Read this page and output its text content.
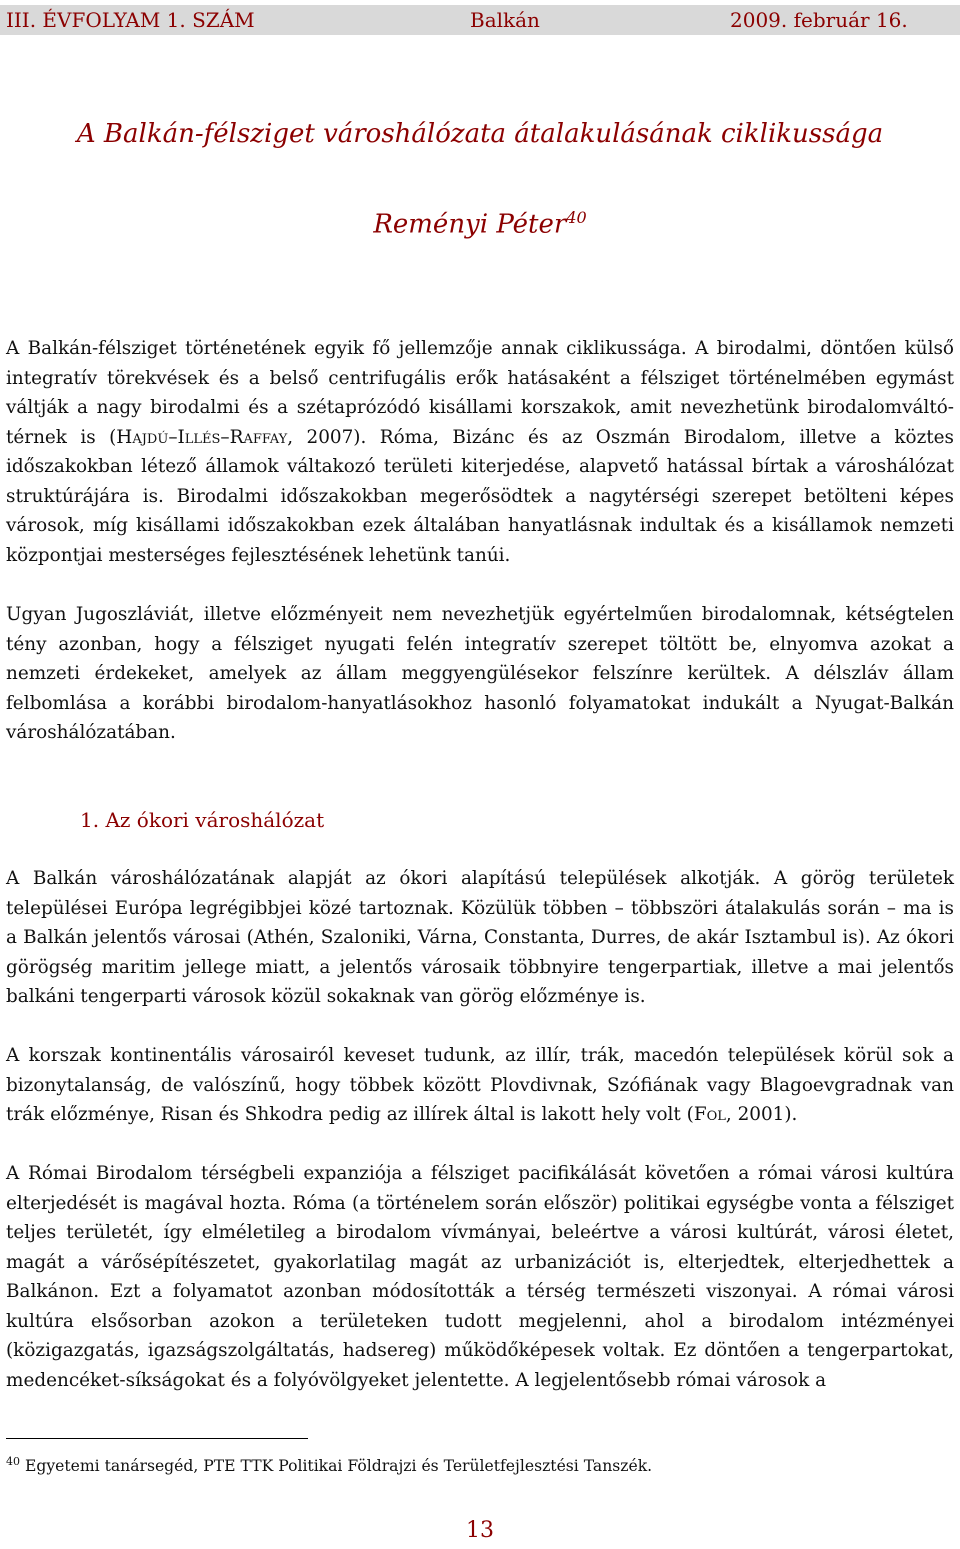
III. ÉVFOLYAM 1. SZÁM	Balkán	2009. február 16.
A Balkán-félsziget városhálózata átalakulásának ciklikussága
Reményi Péter$^{40}$

A Balkán-félsziget történetének egyik fő jellemzője annak ciklikussága. A birodalmi, döntően külső integratív törekvések és a belső centrifugális erők hatásaként a félsziget történelmében egymást váltják a nagy birodalmi és a szétaprózódó kisállami korszakok, amit nevezhetünk birodalomváltó-térnek is (Hajdú–Illés–Raffay, 2007). Róma, Bizánc és az Oszmán Birodalom, illetve a köztes időszakokban létező államok váltakozó területi kiterjedése, alapvető hatással bírtak a városhálózat struktúrájára is. Birodalmi időszakokban megerősödtek a nagytérségi szerepet betölteni képes városok, míg kisállami időszakokban ezek általában hanyatlásnak indultak és a kisállamok nemzeti központjai mesterséges fejlesztésének lehetünk tanúi.

Ugyan Jugoszláviát, illetve előzményeit nem nevezhetjük egyértelműen birodalomnak, kétségtelen tény azonban, hogy a félsziget nyugati felén integratív szerepet töltött be, elnyomva azokat a nemzeti érdekeket, amelyek az állam meggyengülésekor felszínre kerültek. A délszláv állam felbomlása a korábbi birodalom-hanyatlásokhoz hasonló folyamatokat indukált a Nyugat-Balkán városhálózatában.

1. Az ókori városhálózat

A Balkán városhálózatának alapját az ókori alapítású települések alkotják. A görög területek települései Európa legrégibbjei közé tartoznak. Közülük többen – többszöri átalakulás során – ma is a Balkán jelentős városai (Athén, Szaloniki, Várna, Constanta, Durres, de akár Isztambul is). Az ókori görögség maritim jellege miatt, a jelentős városaik többnyire tengerpartiak, illetve a mai jelentős balkáni tengerparti városok közül sokaknak van görög előzménye is.

A korszak kontinentális városairól keveset tudunk, az illír, trák, macedón települések körül sok a bizonytalanság, de valószínű, hogy többek között Plovdivnak, Szófiának vagy Blagoevgradnak van trák előzménye, Risan és Shkodra pedig az illírek által is lakott hely volt (Fol, 2001).

A Római Birodalom térségbeli expanziója a félsziget pacifikálását követően a római városi kultúra elterjedését is magával hozta. Róma (a történelem során először) politikai egységbe vonta a félsziget teljes területét, így elméletileg a birodalom vívmányai, beleértve a városi kultúrát, városi életet, magát a várősépítészetet, gyakorlatilag magát az urbanizációt is, elterjedtek, elterjedhettek a Balkánon. Ezt a folyamatot azonban módosították a térség természeti viszonyai. A római városi kultúra elsősorban azokon a területeken tudott megjelenni, ahol a birodalom intézményei (közigazgatás, igazságszolgáltatás, hadsereg) működőképesek voltak. Ez döntően a tengerpartokat, medencéket-síkságokat és a folyóvölgyeket jelentette. A legjelentősebb római városok a

$^{40}$ Egyetemi tanársegéd, PTE TTK Politikai Földrajzi és Területfejlesztési Tanszék.
13
